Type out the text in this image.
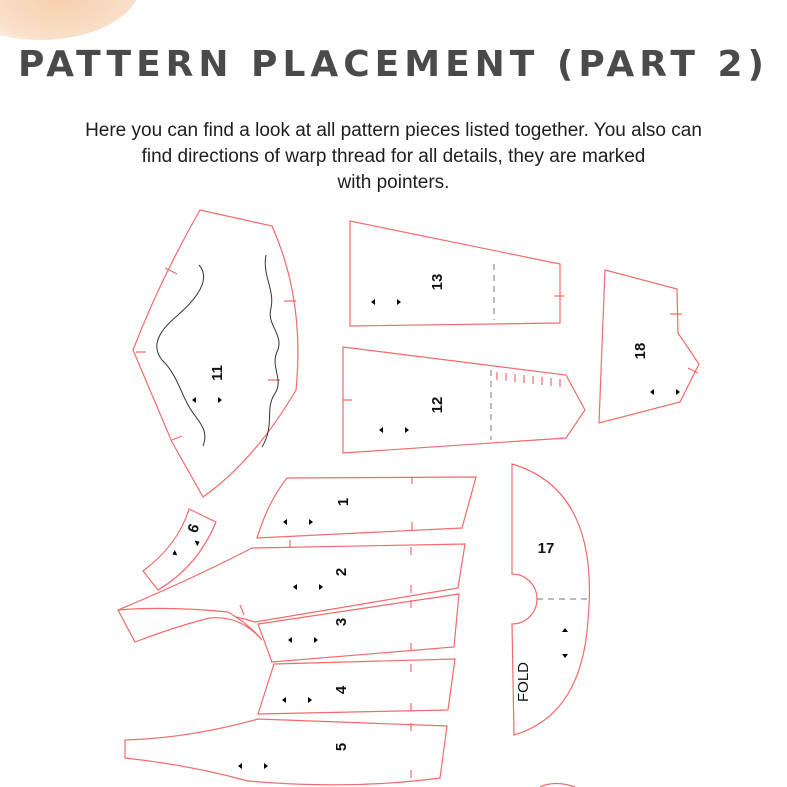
PATTERN PLACEMENT (PART 2)

Here you can find a look at all pattern pieces listed together. You also can
find directions of warp thread for all details, they are marked
with pointers.

11
13
12
18
1
6
2
3
4
5
17
FOLD
